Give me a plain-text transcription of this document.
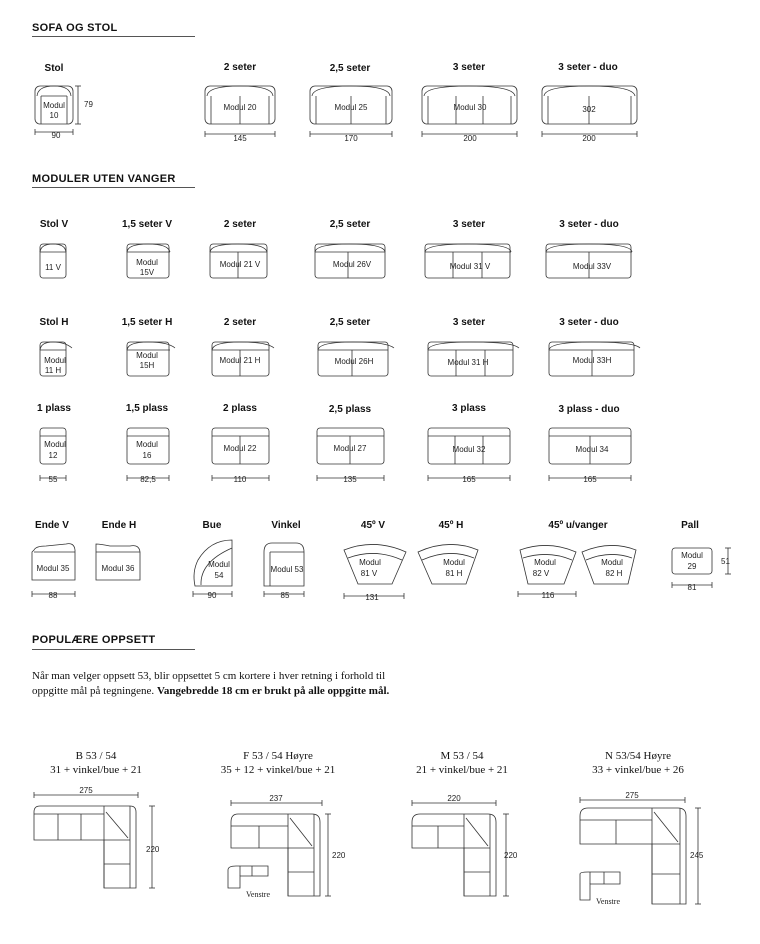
SOFA OG STOL
MODULER UTEN VANGER
POPULÆRE OPPSETT
Stol	2 seter	2,5 seter	3 seter	3 seter - duo
Modul
10
79
90
Modul 20
145
Modul 25
170
Modul 30
200
302
200
11 V
Modul
15V
Modul 21 V	Modul 26V	Modul 31 V	Modul 33V
Modul
11 H
Modul
15H
Modul 21 H	Modul 26H	Modul 31 H	Modul 33H
Modul
12
55
Modul
16
82,5
Modul 22
110
Modul 27
135
Modul 32
165
Modul 34
165
Modul 35
88
Modul 36	Modul
54
90
Modul 53
85
Modul
81 V
131
Modul
81 H
Modul
82 V
Modul
82 H
116
Modul
29
51
81
275
220
237
220
Venstre
220
220
275
245
Venstre
Stol V	1,5 seter V	2 seter	2,5 seter	3 seter	3 seter - duo
Stol H	1,5 seter H	2 seter	2,5 seter	3 seter	3 seter - duo
1 plass	1,5 plass	2 plass	2,5 plass	3 plass	3 plass - duo
Ende V	Ende H	Bue	Vinkel	45º V	45º H	45º u/vanger	Pall
Når man velger oppsett 53, blir oppsettet 5 cm kortere i hver retning i forhold til oppgitte mål på tegningene. Vangebredde 18 cm er brukt på alle oppgitte mål.
B 53 / 54
31 + vinkel/bue + 21
F 53 / 54 Høyre
35 + 12 + vinkel/bue + 21
M 53 / 54
21 + vinkel/bue + 21
N 53/54 Høyre
33 + vinkel/bue + 26
